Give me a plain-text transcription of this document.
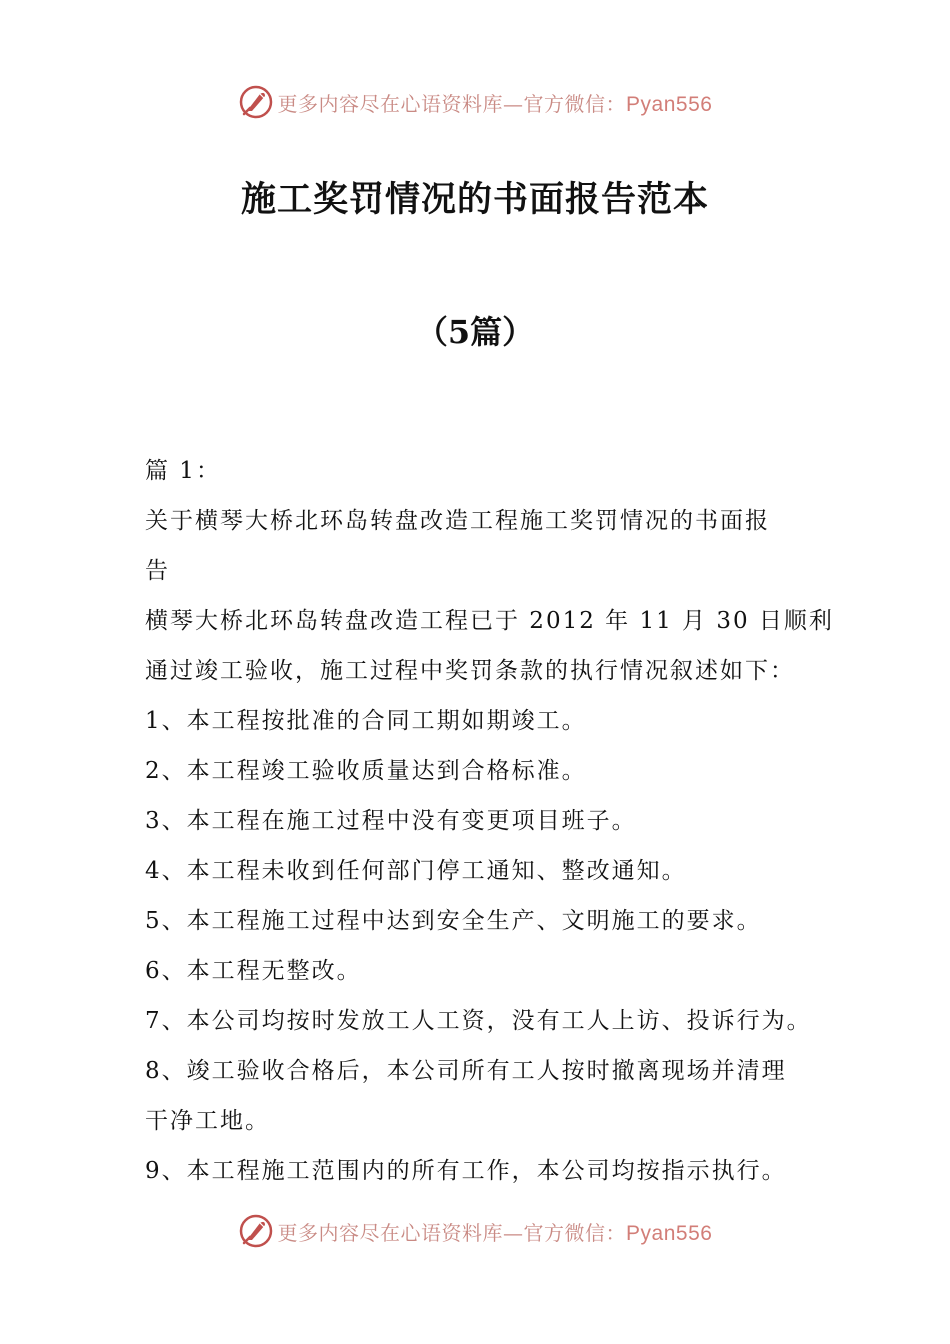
更多内容尽在心语资料库—官方微信：Pyan556
施工奖罚情况的书面报告范本
（5篇）
篇 1：
关于横琴大桥北环岛转盘改造工程施工奖罚情况的书面报
告
横琴大桥北环岛转盘改造工程已于 2012 年 11 月 30 日顺利
通过竣工验收，施工过程中奖罚条款的执行情况叙述如下：
1、本工程按批准的合同工期如期竣工。
2、本工程竣工验收质量达到合格标准。
3、本工程在施工过程中没有变更项目班子。
4、本工程未收到任何部门停工通知、整改通知。
5、本工程施工过程中达到安全生产、文明施工的要求。
6、本工程无整改。
7、本公司均按时发放工人工资，没有工人上访、投诉行为。
8、竣工验收合格后，本公司所有工人按时撤离现场并清理
干净工地。
9、本工程施工范围内的所有工作，本公司均按指示执行。
更多内容尽在心语资料库—官方微信：Pyan556
